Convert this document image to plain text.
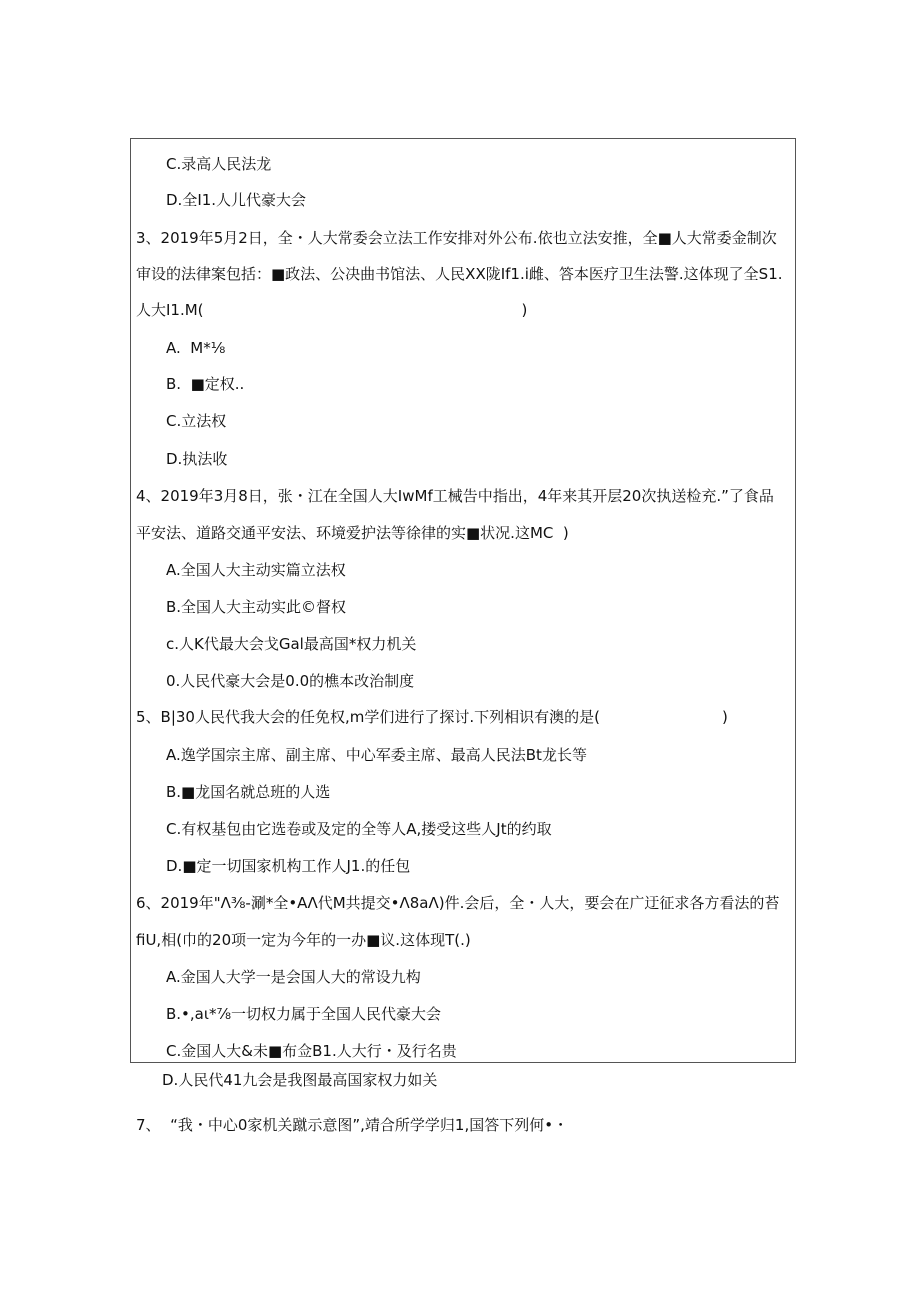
C.录高人民法龙
D.全I1.人儿代豪大会
3、2019年5月2日，全・人大常委会立法工作安排对外公布.依也立法安推，全■人大常委金制次
审设的法律案包括：■政法、公决曲书馆法、人民XX陇If1.i雌、答本医疗卫生法警.这体现了全S1.
人大I1.M(	)
A.  M*⅛
B.  ■定权..
C.立法权
D.执法收
4、2019年3月8日，张・江在全国人大IwMf工械告中指出，4年来其开层20次执送检充.”了食品
平安法、道路交通平安法、环境爱护法等徐律的实■状况.这MC  )
A.全国人大主动实篇立法权
B.全国人大主动实此©督权
c.人K代最大会戈Gal最高国*权力机关
0.人民代豪大会是0.0的樵本改治制度
5、B|30人民代我大会的任免权,m学们进行了探讨.下列相识有澳的是(	)
A.逸学国宗主席、副主席、中心军委主席、最高人民法Bt龙长等
B.■龙国名就总班的人选
C.有权基包由它选卷或及定的全等人A,搂受这些人Jt的约取
D.■定一切国家机构工作人J1.的任包
6、2019年"Λ⅜-涮*全•AΛ代M共提交•Λ8aΛ)件.会后，全・人大，要会在广迂征求各方看法的苔
fiU,相(巾的20项一定为今年的一办■议.这体现T(.)
A.金国人大学一是会国人大的常设九构
B.•,aι*⅞一切权力属于全国人民代豪大会
C.金国人大&未■布佥B1.人大行・及行名贵
D.人民代41九会是我图最高国家权力如关
7、  “我・中心0家机关蹴示意图”,靖合所学学归1,国答下列何•・
